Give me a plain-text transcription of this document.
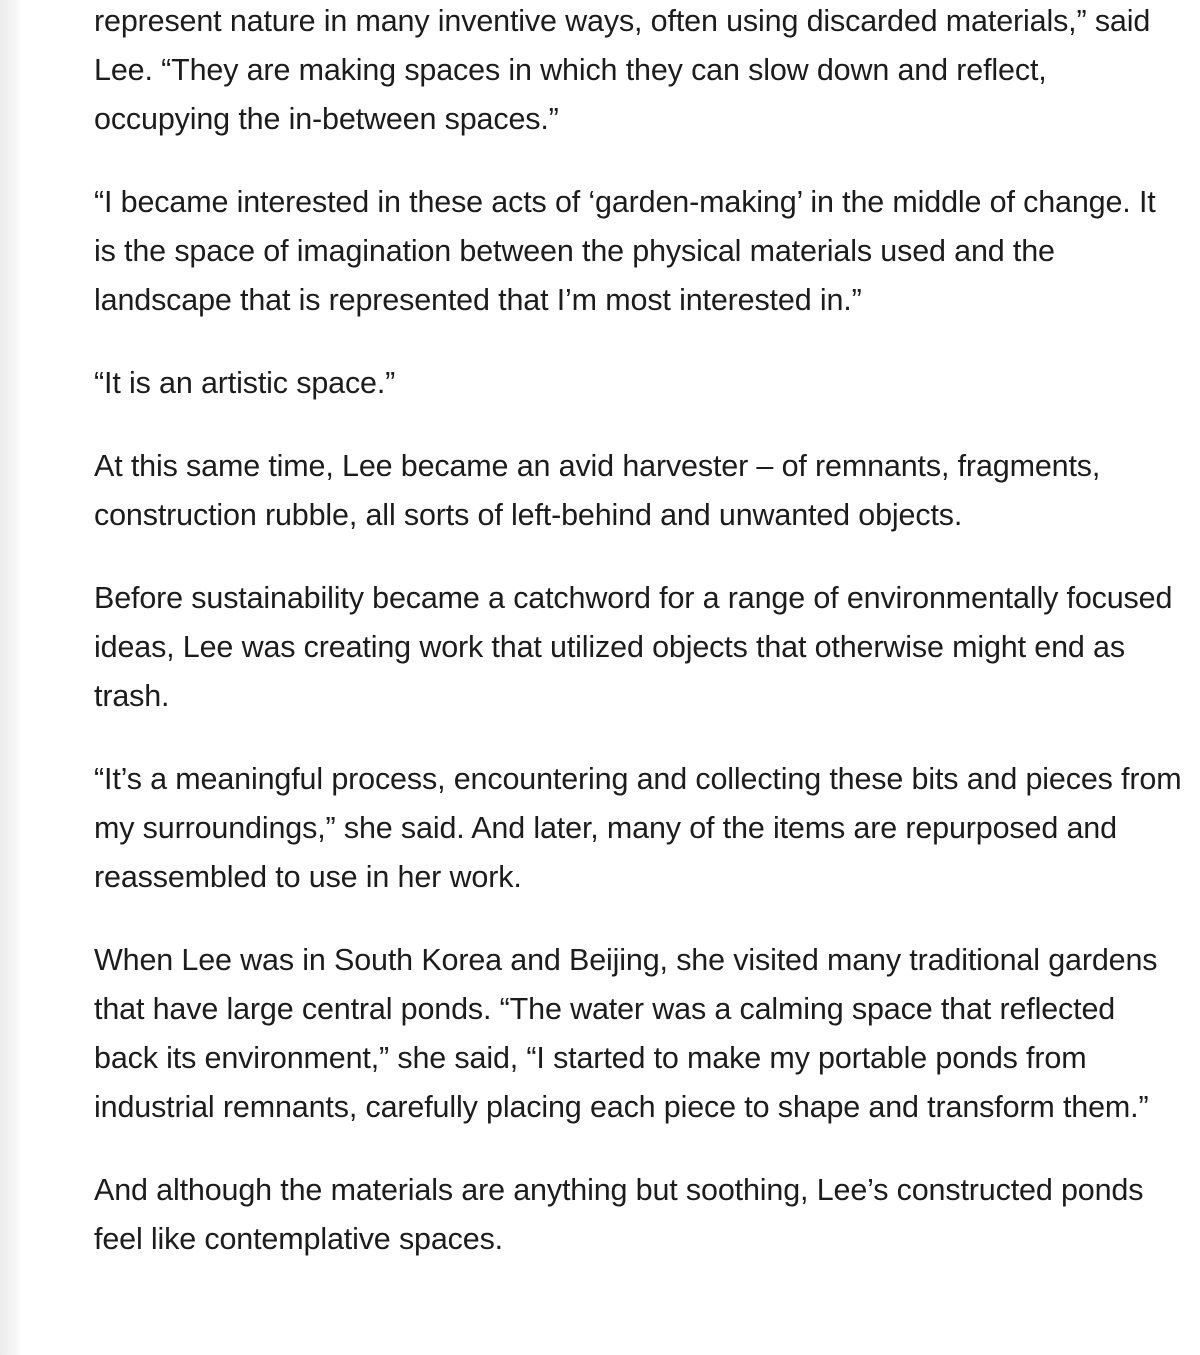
represent nature in many inventive ways, often using discarded materials,” said Lee. “They are making spaces in which they can slow down and reflect, occupying the in-between spaces.”

“I became interested in these acts of ‘garden-making’ in the middle of change. It is the space of imagination between the physical materials used and the landscape that is represented that I’m most interested in.”

“It is an artistic space.”

At this same time, Lee became an avid harvester – of remnants, fragments, construction rubble, all sorts of left-behind and unwanted objects.

Before sustainability became a catchword for a range of environmentally focused ideas, Lee was creating work that utilized objects that otherwise might end as trash.

“It’s a meaningful process, encountering and collecting these bits and pieces from my surroundings,” she said. And later, many of the items are repurposed and reassembled to use in her work.

When Lee was in South Korea and Beijing, she visited many traditional gardens that have large central ponds. “The water was a calming space that reflected back its environment,” she said, “I started to make my portable ponds from industrial remnants, carefully placing each piece to shape and transform them.”

And although the materials are anything but soothing, Lee’s constructed ponds feel like contemplative spaces.
